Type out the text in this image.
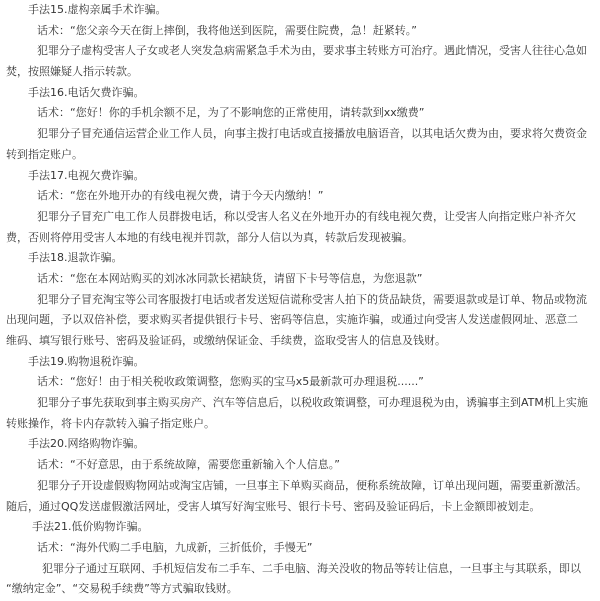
手法15.虚构亲属手术诈骗。
话术：“您父亲今天在街上摔倒，我将他送到医院，需要住院费，急！赶紧转。”
犯罪分子虚构受害人子女或老人突发急病需紧急手术为由，要求事主转账方可治疗。遇此情况，受害人往往心急如
焚，按照嫌疑人指示转款。
手法16.电话欠费诈骗。
话术：“您好！你的手机余额不足，为了不影响您的正常使用，请转款到xx缴费”
犯罪分子冒充通信运营企业工作人员，向事主拨打电话或直接播放电脑语音，以其电话欠费为由，要求将欠费资金
转到指定账户。
手法17.电视欠费诈骗。
话术：“您在外地开办的有线电视欠费，请于今天内缴纳！”
犯罪分子冒充广电工作人员群拨电话，称以受害人名义在外地开办的有线电视欠费，让受害人向指定账户补齐欠
费，否则将停用受害人本地的有线电视并罚款，部分人信以为真，转款后发现被骗。
手法18.退款诈骗。
话术：“您在本网站购买的刘冰冰同款长裙缺货，请留下卡号等信息，为您退款”
犯罪分子冒充淘宝等公司客服拨打电话或者发送短信谎称受害人拍下的货品缺货，需要退款或是订单、物品或物流
出现问题，予以双倍补偿，要求购买者提供银行卡号、密码等信息，实施诈骗，或通过向受害人发送虚假网址、恶意二
维码、填写银行账号、密码及验证码，或缴纳保证金、手续费，盗取受害人的信息及钱财。
手法19.购物退税诈骗。
话术：“您好！由于相关税收政策调整，您购买的宝马x5最新款可办理退税......”
犯罪分子事先获取到事主购买房产、汽车等信息后，以税收政策调整，可办理退税为由，诱骗事主到ATM机上实施
转账操作，将卡内存款转入骗子指定账户。
手法20.网络购物诈骗。
话术：“不好意思，由于系统故障，需要您重新输入个人信息。”
犯罪分子开设虚假购物网站或淘宝店铺，一旦事主下单购买商品，便称系统故障，订单出现问题，需要重新激活。
随后，通过QQ发送虚假激活网址，受害人填写好淘宝账号、银行卡号、密码及验证码后，卡上金额即被划走。
手法21.低价购物诈骗。
话术：“海外代购二手电脑，九成新，三折低价，手慢无”
犯罪分子通过互联网、手机短信发布二手车、二手电脑、海关没收的物品等转让信息，一旦事主与其联系，即以
“缴纳定金”、“交易税手续费”等方式骗取钱财。
